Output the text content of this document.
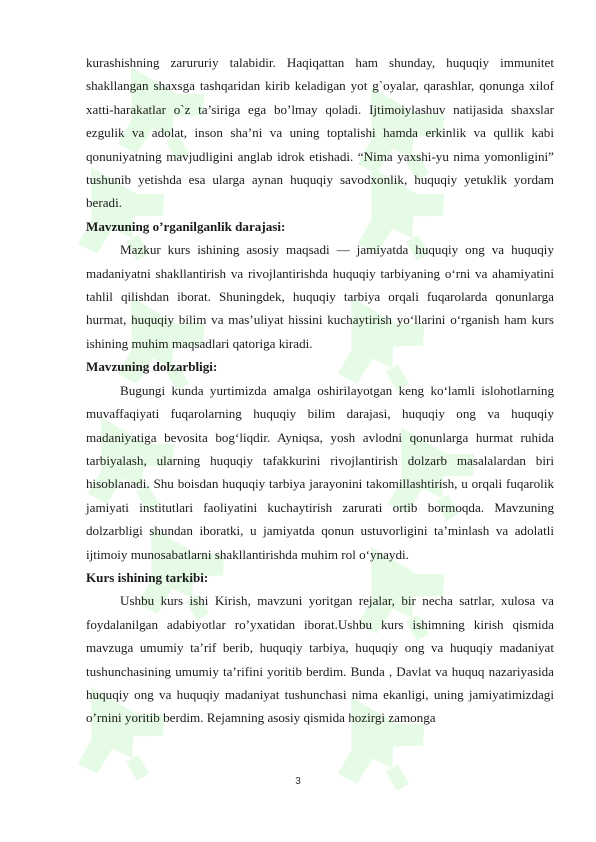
kurashishning zarururiy talabidir. Haqiqattan ham shunday, huquqiy immunitet shakllangan shaxsga tashqaridan kirib keladigan yot g`oyalar, qarashlar, qonunga xilof xatti-harakatlar o`z ta’siriga ega bo’lmay qoladi. Ijtimoiylashuv natijasida shaxslar ezgulik va adolat, inson sha’ni va uning toptalishi hamda erkinlik va qullik kabi qonuniyatning mavjudligini anglab idrok etishadi. “Nima yaxshi-yu nima yomonligini” tushunib yetishda esa ularga aynan huquqiy savodxonlik, huquqiy yetuklik yordam beradi.

Mavzuning o’rganilganlik darajasi:

Mazkur kurs ishining asosiy maqsadi — jamiyatda huquqiy ong va huquqiy madaniyatni shakllantirish va rivojlantirishda huquqiy tarbiyaning o‘rni va ahamiyatini tahlil qilishdan iborat. Shuningdek, huquqiy tarbiya orqali fuqarolarda qonunlarga hurmat, huquqiy bilim va mas’uliyat hissini kuchaytirish yo‘llarini o‘rganish ham kurs ishining muhim maqsadlari qatoriga kiradi.

Mavzuning dolzarbligi:

Bugungi kunda yurtimizda amalga oshirilayotgan keng ko‘lamli islohotlarning muvaffaqiyati fuqarolarning huquqiy bilim darajasi, huquqiy ong va huquqiy madaniyatiga bevosita bog‘liqdir. Ayniqsa, yosh avlodni qonunlarga hurmat ruhida tarbiyalash, ularning huquqiy tafakkurini rivojlantirish dolzarb masalalardan biri hisoblanadi. Shu boisdan huquqiy tarbiya jarayonini takomillashtirish, u orqali fuqarolik jamiyati institutlari faoliyatini kuchaytirish zarurati ortib bormoqda. Mavzuning dolzarbligi shundan iboratki, u jamiyatda qonun ustuvorligini ta’minlash va adolatli ijtimoiy munosabatlarni shakllantirishda muhim rol o‘ynaydi.

Kurs ishining tarkibi:

Ushbu kurs ishi Kirish, mavzuni yoritgan rejalar, bir necha satrlar, xulosa va foydalanilgan adabiyotlar ro’yxatidan iborat.Ushbu kurs ishimning kirish qismida mavzuga umumiy ta’rif berib, huquqiy tarbiya, huquqiy ong va huquqiy madaniyat tushunchasining umumiy ta’rifini yoritib berdim. Bunda , Davlat va huquq nazariyasida huquqiy ong va huquqiy madaniyat tushunchasi nima ekanligi, uning jamiyatimizdagi o’rnini yoritib berdim. Rejamning asosiy qismida hozirgi zamonga

3
